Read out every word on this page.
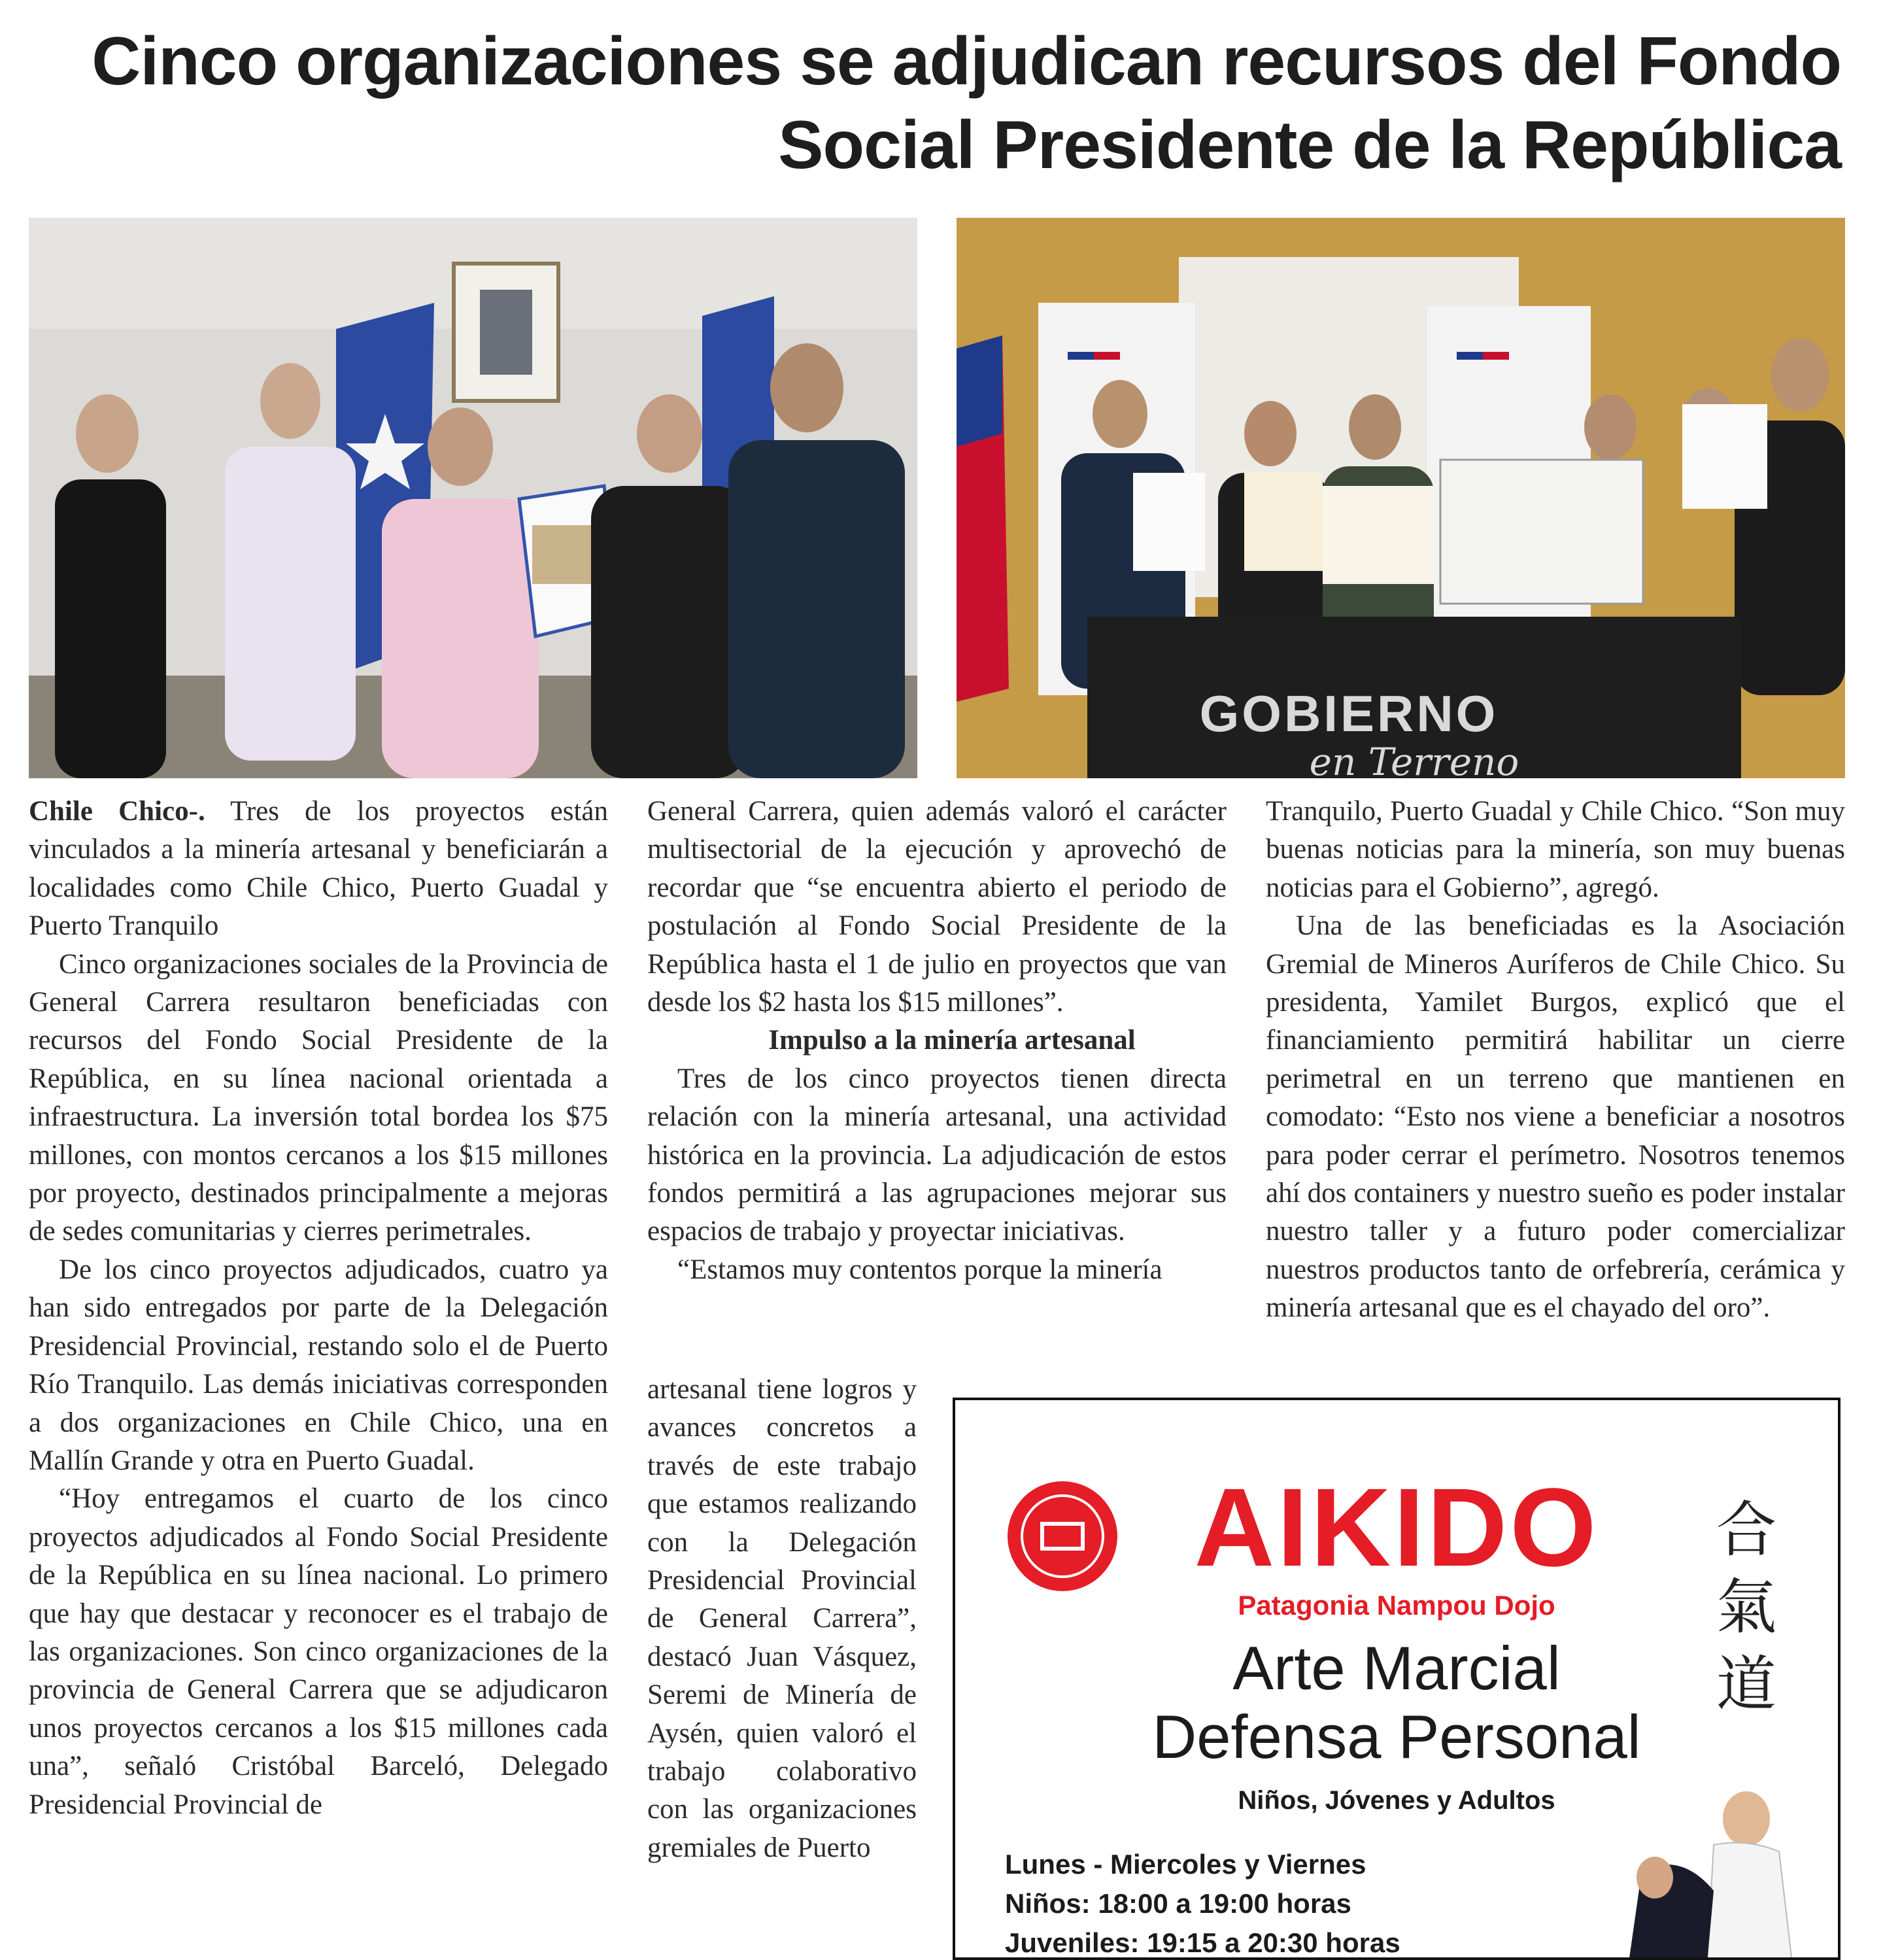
Cinco organizaciones se adjudican recursos del Fondo
Social Presidente de la República
GOBIERNO
en Terreno

Chile Chico-. Tres de los proyectos están vinculados a la minería artesanal y beneficiarán a localidades como Chile Chico, Puerto Guadal y Puerto Tranquilo

Cinco organizaciones sociales de la Provincia de General Carrera resultaron beneficiadas con recursos del Fondo Social Presidente de la República, en su línea nacional orientada a infraestructura. La inversión total bordea los $75 millones, con montos cercanos a los $15 millones por proyecto, destinados principalmente a mejoras de sedes comunitarias y cierres perimetrales.

De los cinco proyectos adjudicados, cuatro ya han sido entregados por parte de la Delegación Presidencial Provincial, restando solo el de Puerto Río Tranquilo. Las demás iniciativas corresponden a dos organizaciones en Chile Chico, una en Mallín Grande y otra en Puerto Guadal.

“Hoy entregamos el cuarto de los cinco proyectos adjudicados al Fondo Social Presidente de la República en su línea nacional. Lo primero que hay que destacar y reconocer es el trabajo de las organizaciones. Son cinco organizaciones de la provincia de General Carrera que se adjudicaron unos proyectos cercanos a los $15 millones cada una”, señaló Cristóbal Barceló, Delegado Presidencial Provincial de

General Carrera, quien además valoró el carácter multisectorial de la ejecución y aprovechó de recordar que “se encuentra abierto el periodo de postulación al Fondo Social Presidente de la República hasta el 1 de julio en proyectos que van desde los $2 hasta los $15 millones”.

Impulso a la minería artesanal

Tres de los cinco proyectos tienen directa relación con la minería artesanal, una actividad histórica en la provincia. La adjudicación de estos fondos permitirá a las agrupaciones mejorar sus espacios de trabajo y proyectar iniciativas.

“Estamos muy contentos porque la minería

artesanal tiene logros y avances concretos a través de este trabajo que estamos realizando con la Delegación Presidencial Provincial de General Carrera”, destacó Juan Vásquez, Seremi de Minería de Aysén, quien valoró el trabajo colaborativo con las organizaciones gremiales de Puerto

Tranquilo, Puerto Guadal y Chile Chico. “Son muy buenas noticias para la minería, son muy buenas noticias para el Gobierno”, agregó.

Una de las beneficiadas es la Asociación Gremial de Mineros Auríferos de Chile Chico. Su presidenta, Yamilet Burgos, explicó que el financiamiento permitirá habilitar un cierre perimetral en un terreno que mantienen en comodato: “Esto nos viene a beneficiar a nosotros para poder cerrar el perímetro. Nosotros tenemos ahí dos containers y nuestro sueño es poder instalar nuestro taller y a futuro poder comercializar nuestros productos tanto de orfebrería, cerámica y minería artesanal que es el chayado del oro”.

AIKIDO
Patagonia Nampou Dojo
合氣道
Arte Marcial
Defensa Personal
Niños, Jóvenes y Adultos
Lunes - Miercoles y Viernes
Niños: 18:00 a 19:00 horas
Juveniles: 19:15 a 20:30 horas
